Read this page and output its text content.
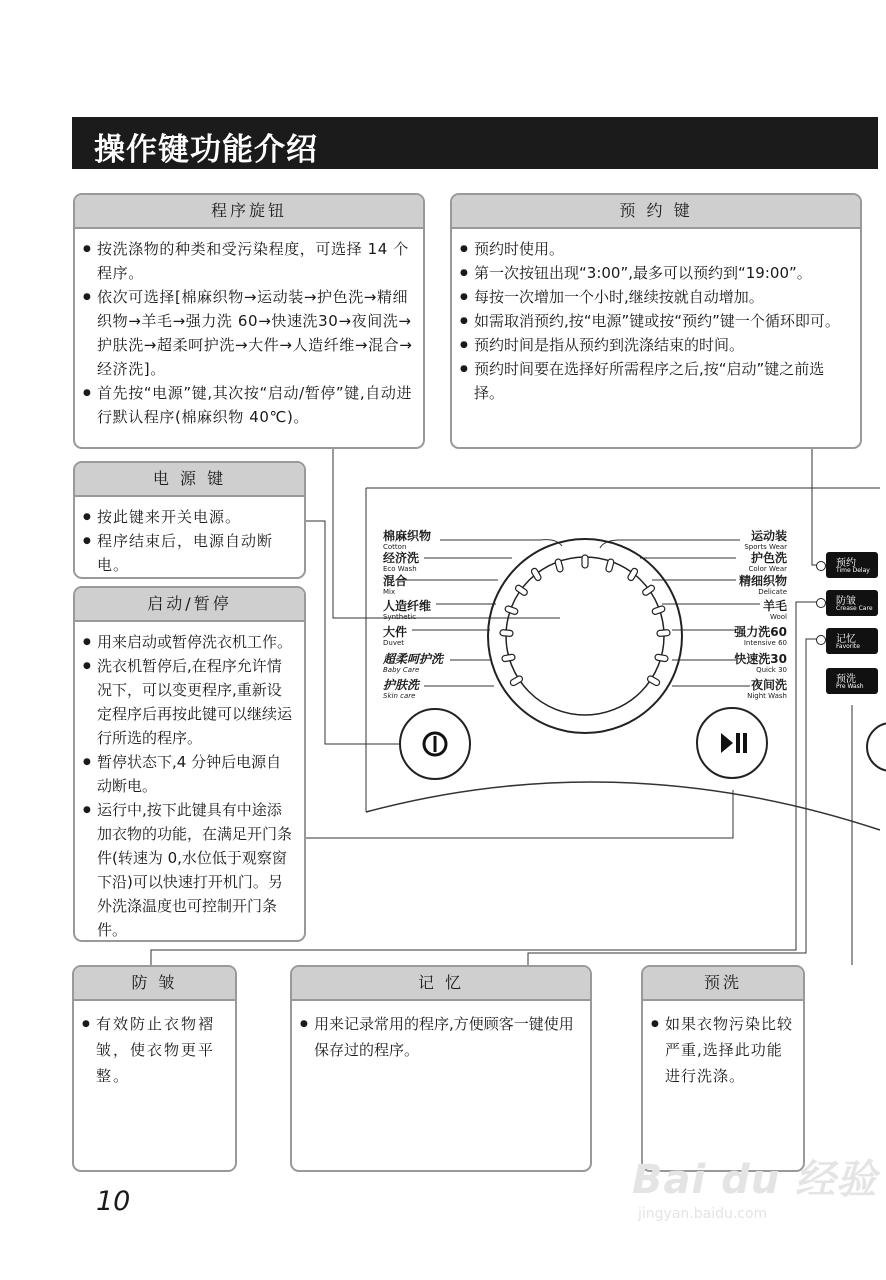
操作键功能介绍
程序旋钮
● 按洗涤物的种类和受污染程度，可选择 14 个程序。
● 依次可选择[棉麻织物→运动装→护色洗→精细织物→羊毛→强力洗 60→快速洗30→夜间洗→护肤洗→超柔呵护洗→大件→人造纤维→混合→经济洗]。
● 首先按“电源”键,其次按“启动/暂停”键,自动进行默认程序(棉麻织物 40℃)。
预 约 键
● 预约时使用。
● 第一次按钮出现“3:00”,最多可以预约到“19:00”。
● 每按一次增加一个小时,继续按就自动增加。
● 如需取消预约,按“电源”键或按“预约”键一个循环即可。
● 预约时间是指从预约到洗涤结束的时间。
● 预约时间要在选择好所需程序之后,按“启动”键之前选择。
电 源 键
● 按此键来开关电源。
● 程序结束后，电源自动断电。
启动/暂停
● 用来启动或暂停洗衣机工作。
● 洗衣机暂停后,在程序允许情况下，可以变更程序,重新设定程序后再按此键可以继续运行所选的程序。
● 暂停状态下,4 分钟后电源自动断电。
● 运行中,按下此键具有中途添加衣物的功能，在满足开门条件(转速为 0,水位低于观察窗下沿)可以快速打开机门。另外洗涤温度也可控制开门条件。
防 皱
● 有效防止衣物褶皱，使衣物更平整。
记 忆
● 用来记录常用的程序,方便顾客一键使用保存过的程序。
预洗
● 如果衣物污染比较严重,选择此功能进行洗涤。
棉麻织物
Cotton
经济洗
Eco Wash
混合
Mix
人造纤维
Synthetic
大件
Duvet
超柔呵护洗
Baby Care
护肤洗
Skin care
运动装
Sports Wear
护色洗
Color Wear
精细织物
Delicate
羊毛
Wool
强力洗60
Intensive 60
快速洗30
Quick 30
夜间洗
Night Wash
预约
Time Delay
防皱
Crease Care
记忆
Favorite
预洗
Pre Wash
10	Bai du 经验
jingyan.baidu.com
